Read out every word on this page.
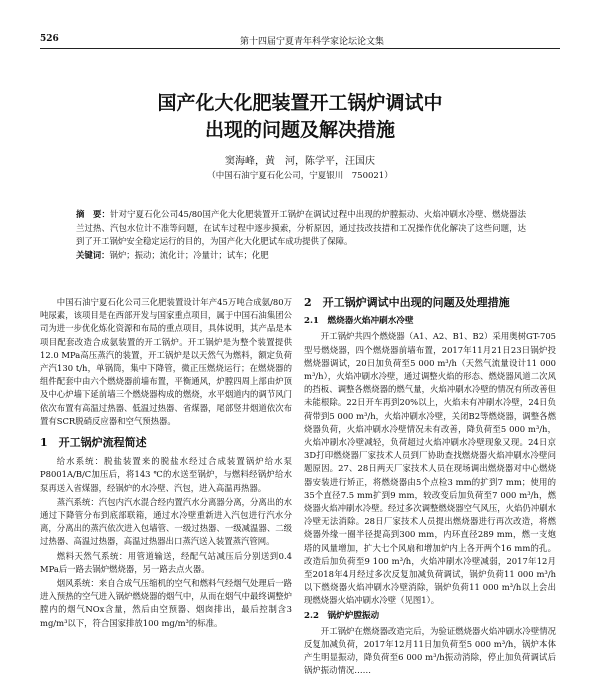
526	第十四届宁夏青年科学家论坛论文集
国产化大化肥装置开工锅炉调试中
出现的问题及解决措施
窦海峰，黄　河，陈学平，汪国庆
（中国石油宁夏石化公司，宁夏银川　750021）
摘　要：针对宁夏石化公司45/80国产化大化肥装置开工锅炉在调试过程中出现的炉膛振动、火焰冲刷水冷壁、燃烧器法兰过热、汽包水位计不准等问题，在试车过程中逐步摸索，分析原因，通过技改技措和工况操作优化解决了这些问题，达到了开工锅炉安全稳定运行的目的，为国产化大化肥试车成功提供了保障。
关键词：锅炉；振动；流化计；冷量计；试车；化肥

中国石油宁夏石化公司三化肥装置设计年产45万吨合成氨/80万吨尿素，该项目是在西部开发与国家重点项目，属于中国石油集团公司为进一步优化炼化资源和布局的重点项目，具体说明，其产品是本项目配套改造合成氨装置的开工锅炉。开工锅炉是为整个装置提供12.0 MPa高压蒸汽的装置，开工锅炉是以天然气为燃料，额定负荷产汽130 t/h，单锅筒，集中下降管，微正压燃烧运行；在燃烧器的组件配套中由六个燃烧器前墙布置，平衡通风，炉膛四周上部由炉顶及中心炉墙下延前墙三个燃烧器构成的燃烧，水平烟道内的调节风门依次布置有高温过热器、低温过热器、省煤器，尾部竖井烟道依次布置有SCR脱硝反应器和空气预热器。

1　开工锅炉流程简述

给水系统：脱盐装置来的脱盐水经过合成装置锅炉给水泵P8001A/B/C加压后，将143 ℃的水送至锅炉，与燃料经锅炉给水泵再送入省煤器，经锅炉的水冷壁、汽包，进入高温再热器。

蒸汽系统：汽包内汽水混合经内置汽水分离器分离，分离出的水通过下降管分布到底部联箱，通过水冷壁重新进入汽包进行汽水分离，分离出的蒸汽依次进入包墙管、一级过热器、一级减温器、二级过热器、高温过热器，高温过热器出口蒸汽送入装置蒸汽管网。

燃料天然气系统：用管道输送，经配气站减压后分别送到0.4 MPa后一路去锅炉燃烧器，另一路去点火器。

烟风系统：来自合成气压缩机的空气和燃料气经烟气处理后一路进入预热的空气进入锅炉燃烧器的烟气中，从而在烟气中最终调整炉膛内的烟气NOx含量，然后由空预器、烟囱排出，最后控制含3 mg/m³以下，符合国家排放100 mg/m³的标准。

2　开工锅炉调试中出现的问题及处理措施
2.1　燃烧器火焰冲刷水冷壁

开工锅炉共四个燃烧器（A1、A2、B1、B2）采用奥树GT-705型号燃烧器，四个燃烧器前墙布置，2017年11月21日23日锅炉投燃烧器调试，20日加负荷至5 000 m³/h（天然气流量设计11 000 m³/h），火焰冲刷水冷壁，通过调整火焰的形态、燃烧器风道二次风的挡板、调整各燃烧器的燃气量，火焰冲刷水冷壁的情况有所改善但未能根除。22日开车再到20%以上，火焰未有冲刷水冷壁，24日负荷带到5 000 m³/h，火焰冲刷水冷壁，关闭B2等燃烧器，调整各燃烧器负荷，火焰冲刷水冷壁情况未有改善，降负荷至5 000 m³/h，火焰冲刷水冷壁减轻，负荷超过火焰冲刷水冷壁现象又现。24日京3D打印燃烧器厂家技术人员到厂协助查找燃烧器火焰冲刷水冷壁问题原因。27、28日两天厂家技术人员在现场调出燃烧器对中心燃烧器安装进行矫正，将燃烧器由5个点检3 mm的扩到7 mm；使用的35个直径7.5 mm扩到9 mm，较改变后加负荷至7 000 m³/h，燃烧器火焰冲刷水冷壁。经过多次调整燃烧器空气风压，火焰仍冲刷水冷壁无法消除。28日厂家技术人员提出燃烧器进行再次改造，将燃烧器外缘一圈半径提高到300 mm，内环直径289 mm，燃一支炮塔的风量增加，扩大七个风扇和增加炉内上各开两个16 mm的孔。改造后加负荷至9 100 m³/h，火焰冲刷水冷壁减弱，2017年12月至2018年4月经过多次反复加减负荷调试，锅炉负荷11 000 m³/h以下燃烧器火焰冲刷水冷壁消除，锅炉负荷11 000 m³/h以上会出现燃烧器火焰冲刷水冷壁（见图1）。

2.2　锅炉炉膛振动

开工锅炉在燃烧器改造完后，为验证燃烧器火焰冲刷水冷壁情况反复加减负荷，2017年12月11日加负荷至5 000 m³/h，锅炉本体产生明显振动，降负荷至6 000 m³/h振动消除，停止加负荷调试后锅炉振动情况……
